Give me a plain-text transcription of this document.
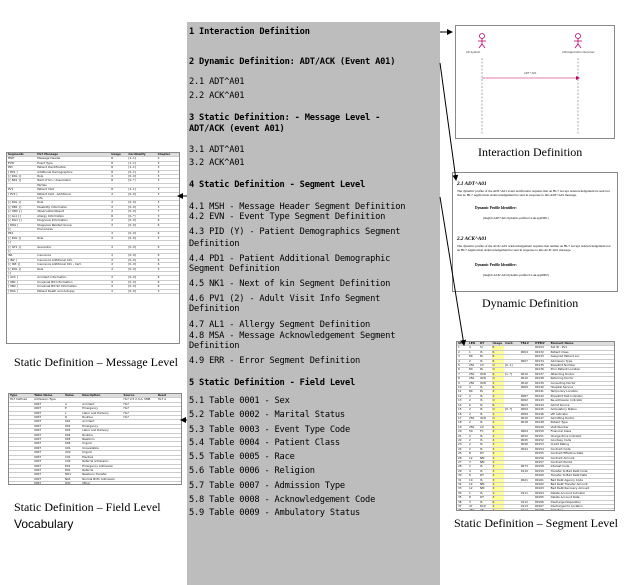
1 Interaction Definition
2 Dynamic Definition: ADT/ACK (Event A01)
2.1 ADT^A01
2.2 ACK^A01
3 Static Definition: - Message Level -
ADT/ACK (event A01)
3.1 ADT^A01
3.2 ACK^A01
4 Static Definition - Segment Level
4.1 MSH - Message Header Segment Definition
4.2 EVN - Event Type Segment Definition
4.3 PID (Y) - Patient Demographics Segment
Definition
4.4 PD1 - Patient Additional Demographic
Segment Definition
4.5 NK1 - Next of kin Segment Definition
4.6 PV1 (2) - Adult Visit Info Segment
Definition
4.7 AL1 - Allergy Segment Definition
4.8 MSA - Message Acknowledgement Segment
Definition
4.9 ERR - Error Segment Definition
5 Static Definition - Field Level
5.1 Table 0001 - Sex
5.2 Table 0002 - Marital Status
5.3 Table 0003 - Event Type Code
5.4 Table 0004 - Patient Class
5.5 Table 0005 - Race
5.6 Table 0006 - Religion
5.7 Table 0007 - Admission Type
5.8 Table 0008 - Acknowledgement Code
5.9 Table 0009 - Ambulatory Status
AD System	ACK/Application Receiver
ADT^A01
Interaction Definition
2.1 ADT^A01
The dynamic profile of the ADT^A01 event notification requires that an HL7 Accept Acknowledgement be sent but that no HL7 Application Acknowledgement be sent in response to this ADT^A01 message.
Dynamic Profile Identifier:
[msgId=ADT^A01/dynamic-profile/2.x.uk.app0001]
2.2 ACK^A01
The dynamic profile of the ACK^A01 acknowledgement requires that neither an HL7 Accept Acknowledgement nor an HL7 Application Acknowledgement be sent in response to this ACK^A01 message.
Dynamic Profile Identifier:
[msgId=ACK^A01/dynamic-profile/2.x.uk.app0002]
Dynamic Definition
Segments	HL7 Message	Usage	Cardinality	Chapter
MSH	Message Header	R	[1..1]	2
EVN	Event Type	R	[1..1]	3
PID	Patient Identification	R	[1..1]	3
[ PD1 ]	Additional Demographics	R	[0..1]	3
[{ ROL }]	Role	X	[0..0]	3
[{ NK1 }]	Next of Kin / Associated	R	[0..*]	3
	Parties			
PV1	Patient Visit	R	[1..1]	3
[ PV2 ]	Patient Visit - Additional	X	[0..0]	3
	Info.			
[{ ROL }]	Role	X	[0..0]	3
[{ DB1 }]	Disability Information	X	[0..0]	3
[{ OBX }]	Observation/Result	X	[0..0]	7
[{ AL1 }]	Allergy Information	R	[0..*]	3
[{ DG1 }]	Diagnosis Information	X	[0..0]	6
[ DRG ]	Diagnosis Related Group	X	[0..0]	6
[{	Procedures			
PR1		X	[0..0]	6
[{ ROL }]	Role	X	[0..0]	3
}]				
[{ GT1 }]	Guarantor	X	[0..0]	6
[{				
IN1	Insurance	X	[0..0]	6
[ IN2 ]	Insurance Additional Info.	X	[0..0]	6
[{ IN3 }]	Insurance Additional Info - Cert.	X	[0..0]	6
[{ ROL }]	Role	X	[0..0]	3
}]				
[ ACC ]	Accident Information	X	[0..0]	6
[ UB1 ]	Universal Bill Information	X	[0..0]	6
[ UB2 ]	Universal Bill 92 Information	X	[0..0]	6
[ PDA ]	Patient Death and Autopsy	X	[0..0]	3
Static Definition – Message Level
Type	Table Name	Value	Description	Source	Read
HL7 Defined	Admission Type			HL7 2.5 2.4.A, SMB	HL7 A
	0007	A	Accident	HL7	
	0007	E	Emergency	HL7	
	0007	L	Labor and Delivery	HL7	
	0007	R	Routine	HL7	
	0007	001	Accident		
	0007	002	Emergency		
	0007	003	Labor and Delivery		
	0007	004	Routine		
	0007	005	Newborn		
	0007	006	Urgent		
	0007	U01	Unavailable		
	0007	U02	Urgent		
	0007	C01	Elective		
	0007	C02	Referral Admission		
	0007	E01	Emergency Admission		
	0007	R01	Referral		
	0007	M01	Newborn Transfer		
	0007	N01	Normal Birth Admission		
	0007	O01	Other		

Static Definition – Field Level
Vocabulary
SEQ	LEN	DT	Usage	Card.	TBL#	ITEM#	Element Name
1	4	SI	R			00104	Set ID - PV1
2	1	IS	R		0004	00132	Patient Class
3	80	PL	R			00133	Assigned Patient Loc
4	2	IS	R		0007	00134	Admission Type
5	250	CX	O	[0..1]		00135	Preadmit Number
6	80	PL	O			00136	Prior Patient Location
7	250	XCN	R	[1..*]	0010	00137	Attending Doctor
8	250	XCN	O		0010	00138	Referring Doctor
9	250	XCN	X		0010	00139	Consulting Doctor
10	3	IS	R		0069	00140	Hospital Service
11	80	PL	X			00141	Temporary Location
12	2	IS	X		0087	00142	Preadmit Test Indicator
13	2	IS	O		0092	00143	Re-admission Indicator
14	6	IS	R		0023	00144	Admit Source
15	2	IS	O	[0..*]	0009	00145	Ambulatory Status
16	2	IS	X		0099	00146	VIP Indicator
17	250	XCN	O		0010	00147	Admitting Doctor
18	2	IS	X		0018	00148	Patient Type
19	250	CX	R			00149	Visit Number
20	50	FC	X		0064	00150	Financial Class
21	2	IS	X		0032	00151	Charge Price Indicator
22	2	IS	X		0045	00152	Courtesy Code
23	2	IS	X		0046	00153	Credit Rating
24	2	IS	X		0044	00154	Contract Code
25	8	DT	X			00155	Contract Effective Date
26	12	NM	X			00156	Contract Amount
27	3	NM	X			00157	Contract Period
28	2	IS	X		0073	00158	Interest Code
29	4	IS	X		0110	00159	Transfer to Bad Debt Code
30	8	DT	X			00160	Transfer to Bad Debt Date
31	10	IS	X		0021	00161	Bad Debt Agency Code
32	12	NM	X			00162	Bad Debt Transfer Amount
33	12	NM	X			00163	Bad Debt Recovery Amount
34	1	IS	X		0111	00164	Delete Account Indicator
35	8	DT	X			00165	Delete Account Date
36	3	IS	R		0112	00166	Discharge Disposition
37	47	DLD	X		0113	00167	Discharged to Location
38	250	CE	X		0114	00168	Diet Type

Static Definition – Segment Level
